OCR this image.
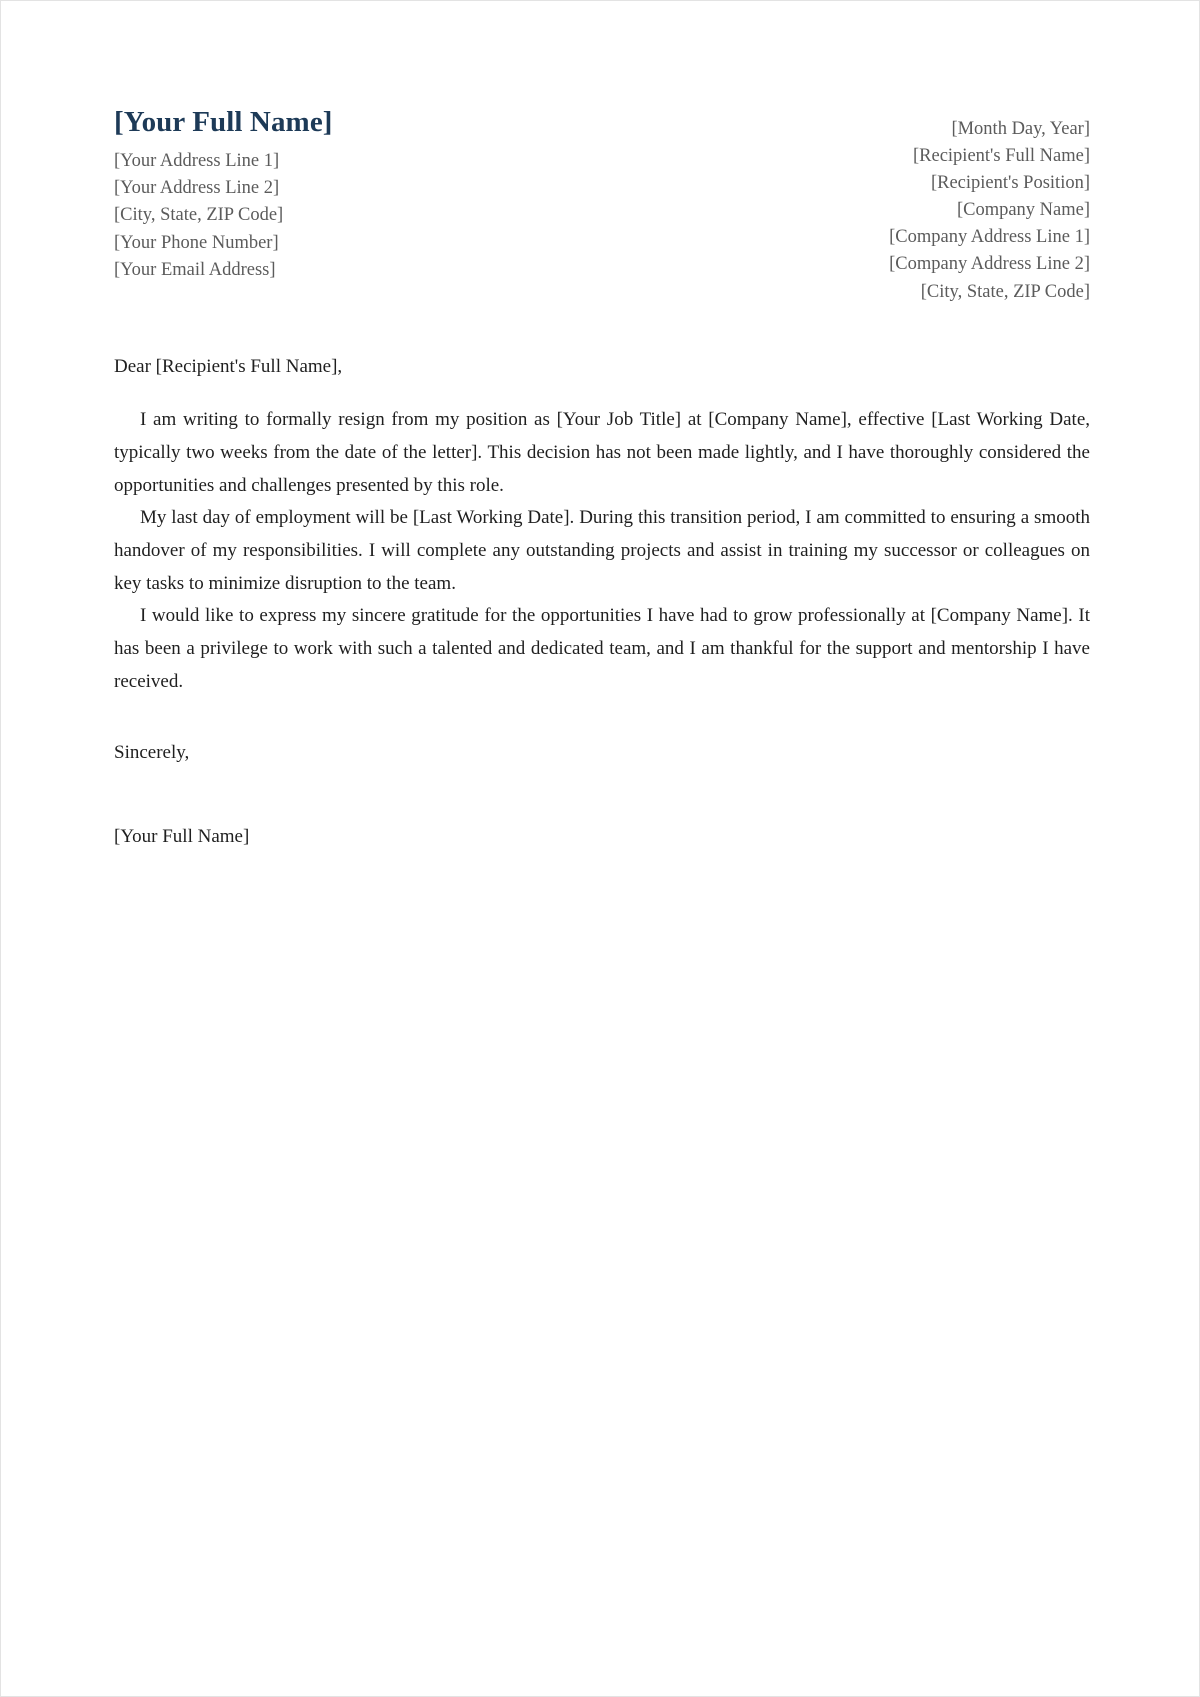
[Your Full Name]
[Your Address Line 1]
[Your Address Line 2]
[City, State, ZIP Code]
[Your Phone Number]
[Your Email Address]
[Month Day, Year]
[Recipient's Full Name]
[Recipient's Position]
[Company Name]
[Company Address Line 1]
[Company Address Line 2]
[City, State, ZIP Code]

Dear [Recipient's Full Name],

I am writing to formally resign from my position as [Your Job Title] at [Company Name], effective [Last Working Date, typically two weeks from the date of the letter]. This decision has not been made lightly, and I have thoroughly considered the opportunities and challenges presented by this role.

My last day of employment will be [Last Working Date]. During this transition period, I am committed to ensuring a smooth handover of my responsibilities. I will complete any outstanding projects and assist in training my successor or colleagues on key tasks to minimize disruption to the team.

I would like to express my sincere gratitude for the opportunities I have had to grow professionally at [Company Name]. It has been a privilege to work with such a talented and dedicated team, and I am thankful for the support and mentorship I have received.

Sincerely,

[Your Full Name]
